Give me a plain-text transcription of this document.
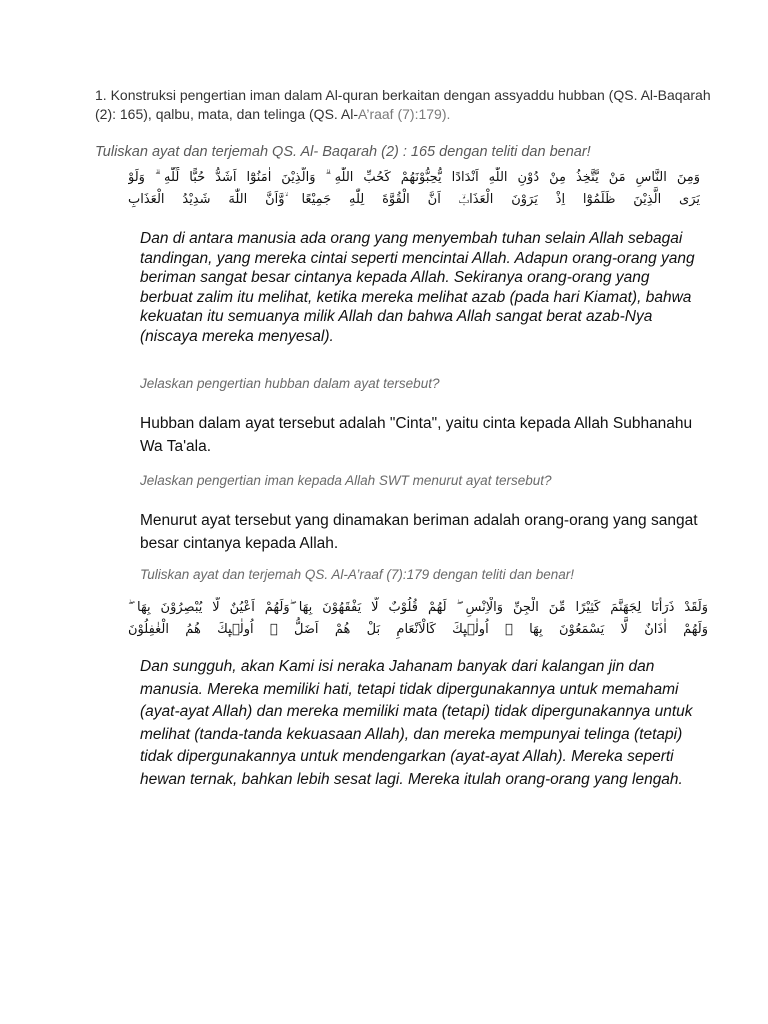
1. Konstruksi pengertian iman dalam Al-quran berkaitan dengan assyaddu hubban (QS. Al-Baqarah (2): 165), qalbu, mata, dan telinga (QS. Al-A’raaf (7):179).
Tuliskan ayat dan terjemah QS. Al- Baqarah (2) : 165 dengan teliti dan benar!
وَمِنَ النَّاسِ مَنْ يَّتَّخِذُ مِنْ دُوْنِ اللّٰهِ اَنْدَادًا يُّحِبُّوْنَهُمْ كَحُبِّ اللّٰهِ ۗ وَالَّذِيْنَ اٰمَنُوْٓا اَشَدُّ حُبًّا لِّلّٰهِ ۗ وَلَوْ
يَرَى الَّذِيْنَ ظَلَمُوْٓا اِذْ يَرَوْنَ الْعَذَابَۙ اَنَّ الْقُوَّةَ لِلّٰهِ جَمِيْعًا ۙوَّاَنَّ اللّٰهَ شَدِيْدُ الْعَذَابِ
Dan di antara manusia ada orang yang menyembah tuhan selain Allah sebagai tandingan, yang mereka cintai seperti mencintai Allah. Adapun orang-orang yang beriman sangat besar cintanya kepada Allah. Sekiranya orang-orang yang berbuat zalim itu melihat, ketika mereka melihat azab (pada hari Kiamat), bahwa kekuatan itu semuanya milik Allah dan bahwa Allah sangat berat azab-Nya (niscaya mereka menyesal).
Jelaskan pengertian hubban dalam ayat tersebut?
Hubban dalam ayat tersebut adalah "Cinta", yaitu cinta kepada Allah Subhanahu Wa Ta'ala.
Jelaskan pengertian iman kepada Allah SWT menurut ayat tersebut?
Menurut ayat tersebut yang dinamakan beriman adalah orang-orang yang sangat besar cintanya kepada Allah.
Tuliskan ayat dan terjemah QS. Al-A’raaf (7):179 dengan teliti dan benar!
وَلَقَدْ ذَرَأْنَا لِجَهَنَّمَ كَثِيْرًا مِّنَ الْجِنِّ وَالْاِنْسِ ۖ لَهُمْ قُلُوْبٌ لَّا يَفْقَهُوْنَ بِهَا ۖوَلَهُمْ اَعْيُنٌ لَّا يُبْصِرُوْنَ بِهَا ۖ
وَلَهُمْ اٰذَانٌ لَّا يَسْمَعُوْنَ بِهَا ۗ اُولٰۤىِٕكَ كَالْاَنْعَامِ بَلْ هُمْ اَضَلُّ ۗ اُولٰۤىِٕكَ هُمُ الْغٰفِلُوْنَ
Dan sungguh, akan Kami isi neraka Jahanam banyak dari kalangan jin dan manusia. Mereka memiliki hati, tetapi tidak dipergunakannya untuk memahami (ayat-ayat Allah) dan mereka memiliki mata (tetapi) tidak dipergunakannya untuk melihat (tanda-tanda kekuasaan Allah), dan mereka mempunyai telinga (tetapi) tidak dipergunakannya untuk mendengarkan (ayat-ayat Allah). Mereka seperti hewan ternak, bahkan lebih sesat lagi. Mereka itulah orang-orang yang lengah.
